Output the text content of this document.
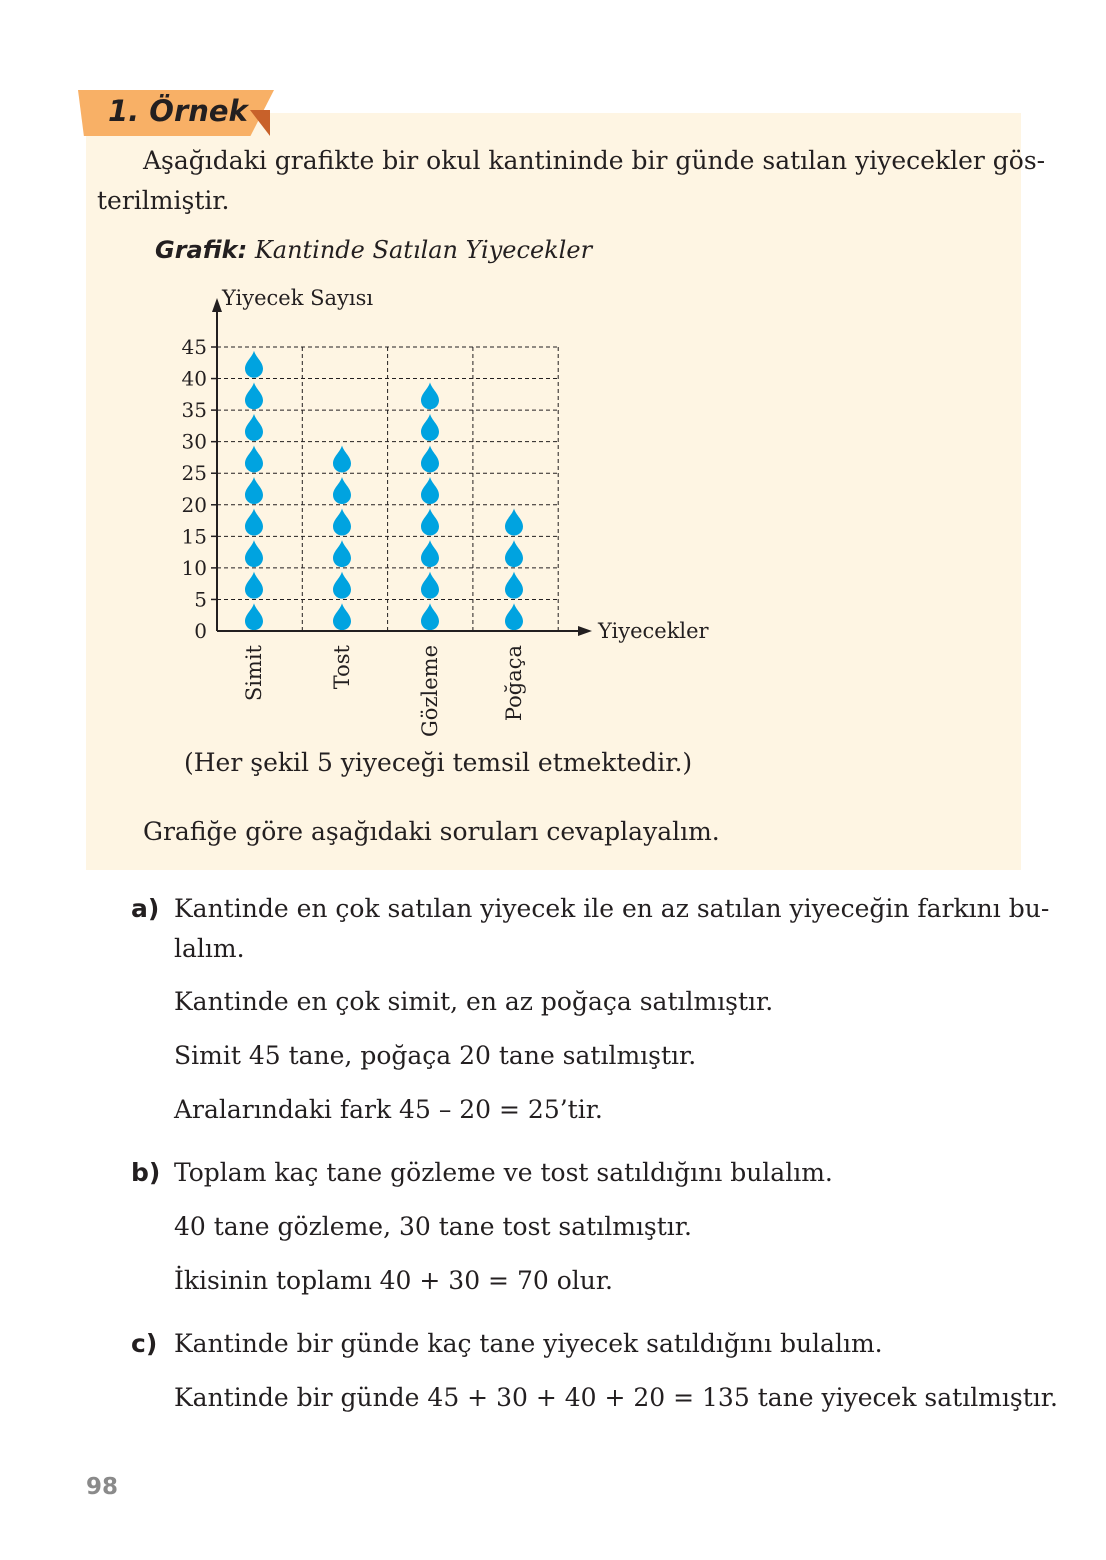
1. Örnek
Aşağıdaki grafikte bir okul kantininde bir günde satılan yiyecekler gös-
terilmiştir.
Grafik: Kantinde Satılan Yiyecekler
Yiyecek Sayısı
Yiyecekler
0
5
10
15
20
25
30
35
40
45
Simit	Tost	Gözleme	Poğaça
(Her şekil 5 yiyeceği temsil etmektedir.)
Grafiğe göre aşağıdaki soruları cevaplayalım.
a) Kantinde en çok satılan yiyecek ile en az satılan yiyeceğin farkını bu-
lalım.
Kantinde en çok simit, en az poğaça satılmıştır.
Simit 45 tane, poğaça 20 tane satılmıştır.
Aralarındaki fark 45 – 20 = 25’tir.
b) Toplam kaç tane gözleme ve tost satıldığını bulalım.
40 tane gözleme, 30 tane tost satılmıştır.
İkisinin toplamı 40 + 30 = 70 olur.
c) Kantinde bir günde kaç tane yiyecek satıldığını bulalım.
Kantinde bir günde 45 + 30 + 40 + 20 = 135 tane yiyecek satılmıştır.
98
